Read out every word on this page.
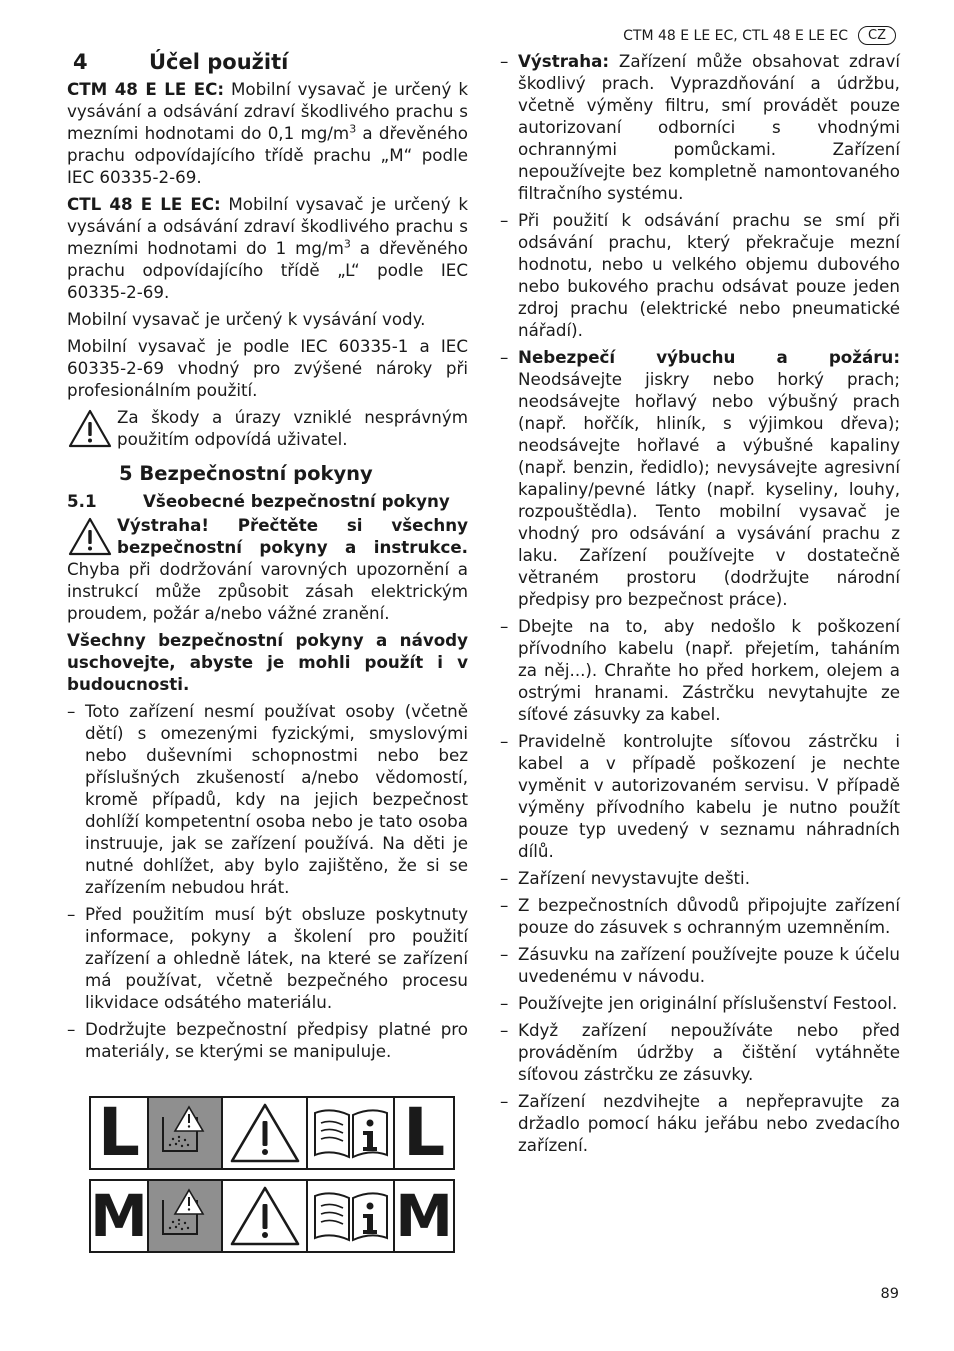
CTM 48 E LE EC, CTL 48 E LE EC	CZ
4	Účel použití

CTM 48 E LE EC: Mobilní vysavač je určený k vysávání a odsávání zdraví škodlivého prachu s mezními hodnotami do 0,1 $mg/m^3$ a dřevěného prachu odpovídajícího třídě prachu „M“ podle IEC 60335-2-69.

CTL 48 E LE EC: Mobilní vysavač je určený k vysávání a odsávání zdraví škodlivého prachu s mezními hodnotami do 1 $mg/m^3$ a dřevěného prachu odpovídajícího třídě „L“ podle IEC 60335-2-69.

Mobilní vysavač je určený k vysávání vody.

Mobilní vysavač je podle IEC 60335-1 a IEC 60335-2-69 vhodný pro zvýšené nároky při profesionálním použití.

Za škody a úrazy vzniklé nesprávným použitím odpovídá uživatel.
5 Bezpečnostní pokyny
5.1	Všeobecné bezpečnostní pokyny
Výstraha! Přečtěte si všechny bezpečnostní pokyny a instrukce. Chyba při dodržování varovných upozornění a instrukcí může způsobit zásah elektrickým proudem, požár a/nebo vážné zranění.

Všechny bezpečnostní pokyny a návody uschovejte, abyste je mohli použít i v budoucnosti.

– Toto zařízení nesmí používat osoby (včetně dětí) s omezenými fyzickými, smyslovými nebo duševními schopnostmi nebo bez příslušných zkušeností a/nebo vědomostí, kromě případů, kdy na jejich bezpečnost dohlíží kompetentní osoba nebo je tato osoba instruuje, jak se zařízení používá. Na děti je nutné dohlížet, aby bylo zajištěno, že si se zařízením nebudou hrát.
– Před použitím musí být obsluze poskytnuty informace, pokyny a školení pro použití zařízení a ohledně látek, na které se zařízení má používat, včetně bezpečného procesu likvidace odsátého materiálu.
– Dodržujte bezpečnostní předpisy platné pro materiály, se kterými se manipuluje.
– Výstraha: Zařízení může obsahovat zdraví škodlivý prach. Vyprazdňování a údržbu, včetně výměny filtru, smí provádět pouze autorizovaní odborníci s vhodnými ochrannými pomůckami. Zařízení nepoužívejte bez kompletně namontovaného filtračního systému.
– Při použití k odsávání prachu se smí při odsávání prachu, který překračuje mezní hodnotu, nebo u velkého objemu dubového nebo bukového prachu odsávat pouze jeden zdroj prachu (elektrické nebo pneumatické nářadí).
– Nebezpečí výbuchu a požáru: Neodsávejte jiskry nebo horký prach; neodsávejte hořlavý nebo výbušný prach (např. hořčík, hliník, s výjimkou dřeva); neodsávejte hořlavé a výbušné kapaliny (např. benzin, ředidlo); nevysávejte agresivní kapaliny/pevné látky (např. kyseliny, louhy, rozpouštědla). Tento mobilní vysavač je vhodný pro odsávání a vysávání prachu z laku. Zařízení používejte v dostatečně větraném prostoru (dodržujte národní předpisy pro bezpečnost práce).
– Dbejte na to, aby nedošlo k poškození přívodního kabelu (např. přejetím, taháním za něj...). Chraňte ho před horkem, olejem a ostrými hranami. Zástrčku nevytahujte ze síťové zásuvky za kabel.
– Pravidelně kontrolujte síťovou zástrčku i kabel a v případě poškození je nechte vyměnit v autorizovaném servisu. V případě výměny přívodního kabelu je nutno použít pouze typ uvedený v seznamu náhradních dílů.
– Zařízení nevystavujte dešti.
– Z bezpečnostních důvodů připojujte zařízení pouze do zásuvek s ochranným uzemněním.
– Zásuvku na zařízení používejte pouze k účelu uvedenému v návodu.
– Používejte jen originální příslušenství Festool.
– Když zařízení nepoužíváte nebo před prováděním údržby a čištění vytáhněte síťovou zástrčku ze zásuvky.
– Zařízení nezdvihejte a nepřepravujte za držadlo pomocí háku jeřábu nebo zvedacího zařízení.
L	L
M	M
89
